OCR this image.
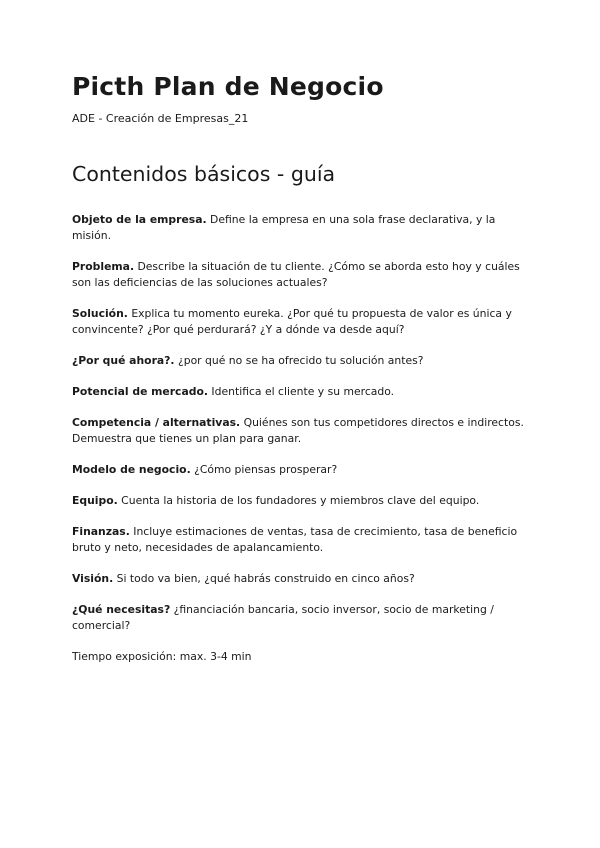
Picth Plan de Negocio

ADE - Creación de Empresas_21

Contenidos básicos - guía

Objeto de la empresa. Define la empresa en una sola frase declarativa, y la misión.

Problema. Describe la situación de tu cliente. ¿Cómo se aborda esto hoy y cuáles son las deficiencias de las soluciones actuales?

Solución. Explica tu momento eureka. ¿Por qué tu propuesta de valor es única y convincente? ¿Por qué perdurará? ¿Y a dónde va desde aquí?

¿Por qué ahora?. ¿por qué no se ha ofrecido tu solución antes?

Potencial de mercado. Identifica el cliente y su mercado.

Competencia / alternativas. Quiénes son tus competidores directos e indirectos. Demuestra que tienes un plan para ganar.

Modelo de negocio. ¿Cómo piensas prosperar?

Equipo. Cuenta la historia de los fundadores y miembros clave del equipo.

Finanzas. Incluye estimaciones de ventas, tasa de crecimiento, tasa de beneficio bruto y neto, necesidades de apalancamiento.

Visión. Si todo va bien, ¿qué habrás construido en cinco años?

¿Qué necesitas? ¿financiación bancaria, socio inversor, socio de marketing / comercial?

Tiempo exposición: max. 3-4 min
